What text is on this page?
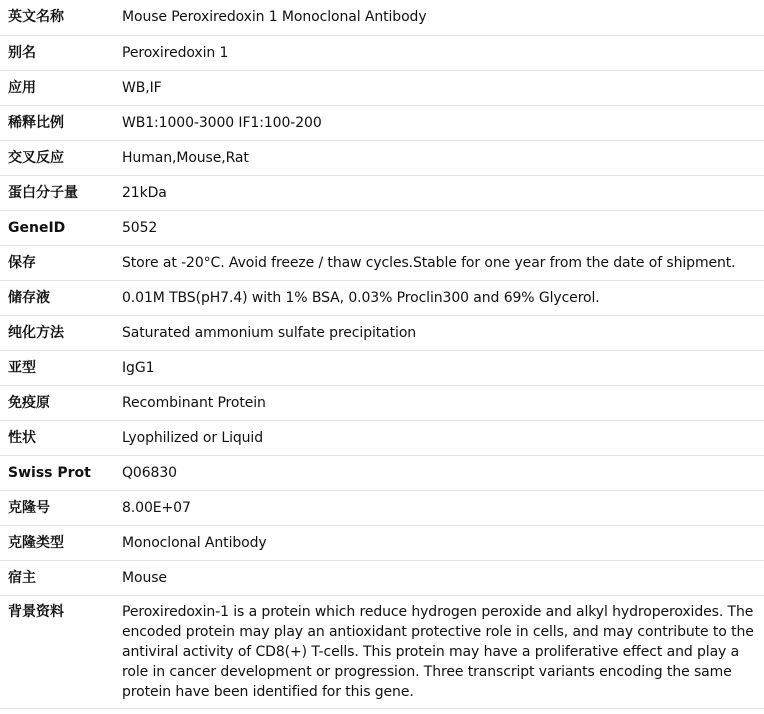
英文名称	Mouse Peroxiredoxin 1 Monoclonal Antibody
别名	Peroxiredoxin 1
应用	WB,IF
稀释比例	WB1:1000-3000 IF1:100-200
交叉反应	Human,Mouse,Rat
蛋白分子量	21kDa
GeneID	5052
保存	Store at -20°C. Avoid freeze / thaw cycles.Stable for one year from the date of shipment.
储存液	0.01M TBS(pH7.4) with 1% BSA, 0.03% Proclin300 and 69% Glycerol.
纯化方法	Saturated ammonium sulfate precipitation
亚型	IgG1
免疫原	Recombinant Protein
性状	Lyophilized or Liquid
Swiss Prot	Q06830
克隆号	8.00E+07
克隆类型	Monoclonal Antibody
宿主	Mouse
背景资料	Peroxiredoxin-1 is a protein which reduce hydrogen peroxide and alkyl hydroperoxides. The encoded protein may play an antioxidant protective role in cells, and may contribute to the antiviral activity of CD8(+) T-cells. This protein may have a proliferative effect and play a role in cancer development or progression. Three transcript variants encoding the same protein have been identified for this gene.
